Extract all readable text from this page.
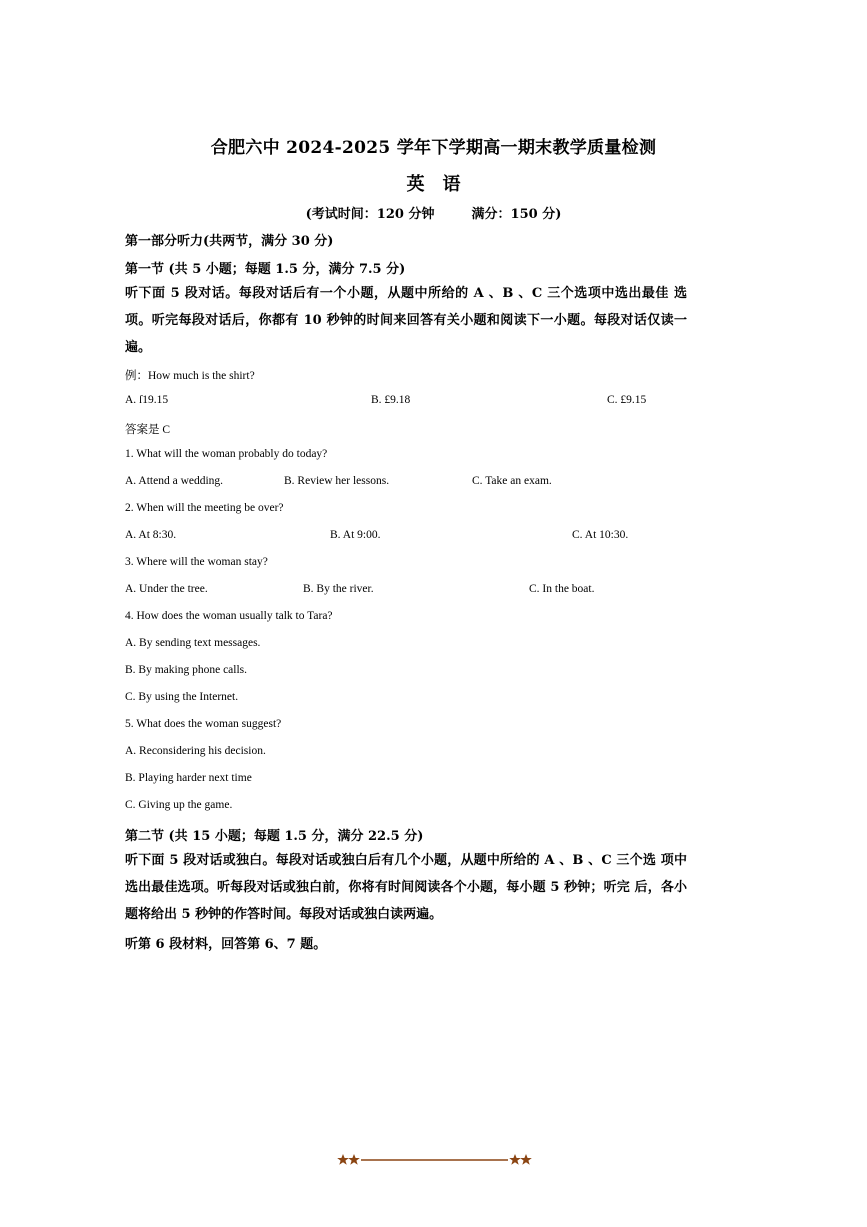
合肥六中 2024-2025 学年下学期高一期末教学质量检测
英　语
(考试时间：120 分钟	满分：150 分)
第一部分听力(共两节，满分 30 分)
第一节 (共 5 小题；每题 1.5 分，满分 7.5 分)
听下面 5 段对话。每段对话后有一个小题，从题中所给的 A 、B 、C 三个选项中选出最佳 选项。听完每段对话后，你都有 10 秒钟的时间来回答有关小题和阅读下一小题。每段对话仅读一遍。
例：How much is the shirt?
A. ſ19.15	B. £9.18	C. £9.15
答案是 C
1. What will the woman probably do today?
A. Attend a wedding.	B. Review her lessons.	C. Take an exam.
2. When will the meeting be over?
A. At 8:30.	B. At 9:00.	C. At 10:30.
3. Where will the woman stay?
A. Under the tree.	B. By the river.	C. In the boat.
4. How does the woman usually talk to Tara?
A. By sending text messages.
B. By making phone calls.
C. By using the Internet.
5. What does the woman suggest?
A. Reconsidering his decision.
B. Playing harder next time
C. Giving up the game.
第二节 (共 15 小题；每题 1.5 分，满分 22.5 分)
听下面 5 段对话或独白。每段对话或独白后有几个小题，从题中所给的 A 、B 、C 三个选 项中选出最佳选项。听每段对话或独白前，你将有时间阅读各个小题，每小题 5 秒钟；听完 后，各小题将给出 5 秒钟的作答时间。每段对话或独白读两遍。
听第 6 段材料，回答第 6、7 题。
